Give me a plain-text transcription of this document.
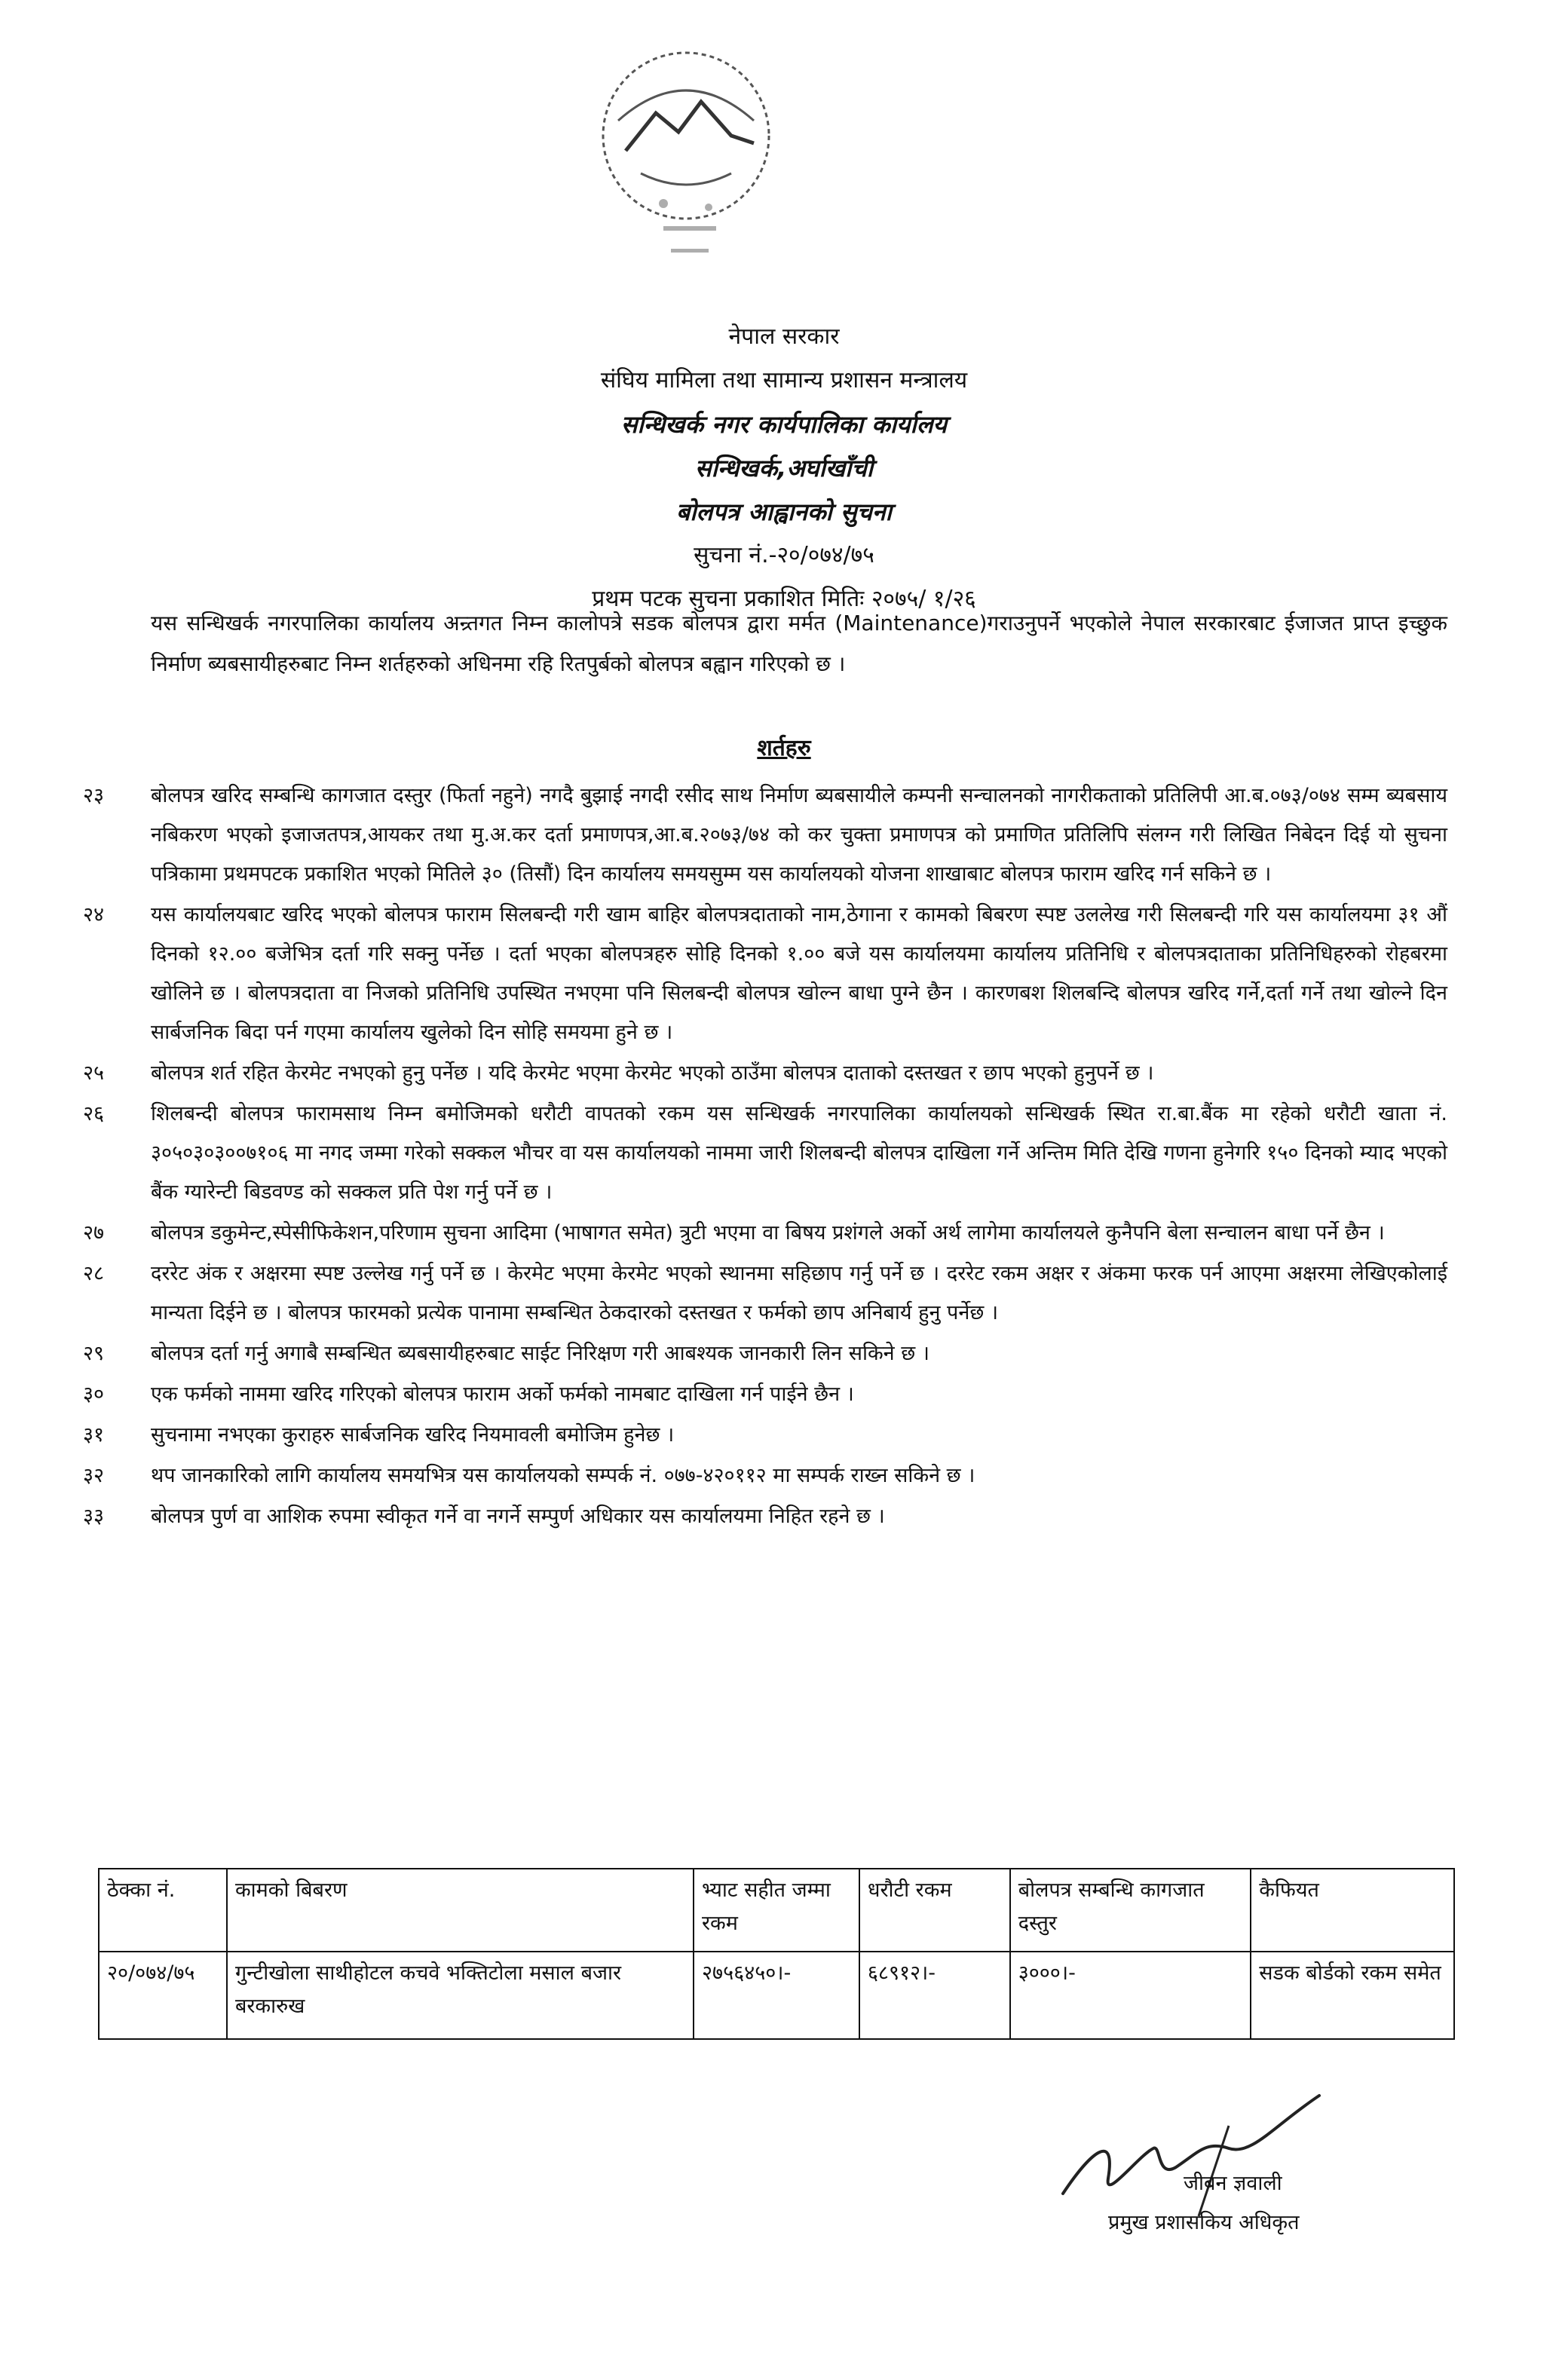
नेपाल सरकार
संघिय मामिला तथा सामान्य प्रशासन मन्त्रालय
सन्धिखर्क नगर कार्यपालिका कार्यालय
सन्धिखर्क,अर्घाखाँची
बोलपत्र आह्वानको सुचना
सुचना नं.-२०/०७४/७५
प्रथम पटक सुचना प्रकाशित मितिः २०७५/ १/२६
यस सन्धिखर्क नगरपालिका कार्यालय अन्र्तगत निम्न कालोपत्रे सडक बोलपत्र द्वारा मर्मत (Maintenance)गराउनुपर्ने भएकोले नेपाल सरकारबाट ईजाजत प्राप्त इच्छुक निर्माण ब्यबसायीहरुबाट निम्न शर्तहरुको अधिनमा रहि रितपुर्बको बोलपत्र बह्वान गरिएको छ ।
शर्तहरु
२३	बोलपत्र खरिद सम्बन्धि कागजात दस्तुर (फिर्ता नहुने) नगदै बुझाई नगदी रसीद साथ निर्माण ब्यबसायीले कम्पनी सन्चालनको नागरीकताको प्रतिलिपी आ.ब.०७३/०७४ सम्म ब्यबसाय नबिकरण भएको इजाजतपत्र,आयकर तथा मु.अ.कर दर्ता प्रमाणपत्र,आ.ब.२०७३/७४ को कर चुक्ता प्रमाणपत्र को प्रमाणित प्रतिलिपि संलग्न गरी लिखित निबेदन दिई यो सुचना पत्रिकामा प्रथमपटक प्रकाशित भएको मितिले ३० (तिसौं) दिन कार्यालय समयसुम्म यस कार्यालयको योजना शाखाबाट बोलपत्र फाराम खरिद गर्न सकिने छ ।
२४	यस कार्यालयबाट खरिद भएको बोलपत्र फाराम सिलबन्दी गरी खाम बाहिर बोलपत्रदाताको नाम,ठेगाना र कामको बिबरण स्पष्ट उललेख गरी सिलबन्दी गरि यस कार्यालयमा ३१ औं दिनको १२.०० बजेभित्र दर्ता गरि सक्नु पर्नेछ । दर्ता भएका बोलपत्रहरु सोहि दिनको १.०० बजे यस कार्यालयमा कार्यालय प्रतिनिधि र बोलपत्रदाताका प्रतिनिधिहरुको रोहबरमा खोलिने छ । बोलपत्रदाता वा निजको प्रतिनिधि उपस्थित नभएमा पनि सिलबन्दी बोलपत्र खोल्न बाधा पुग्ने छैन । कारणबश शिलबन्दि बोलपत्र खरिद गर्ने,दर्ता गर्ने तथा खोल्ने दिन सार्बजनिक बिदा पर्न गएमा कार्यालय खुलेको दिन सोहि समयमा हुने छ ।
२५	बोलपत्र शर्त रहित केरमेट नभएको हुनु पर्नेछ । यदि केरमेट भएमा केरमेट भएको ठाउँमा बोलपत्र दाताको दस्तखत र छाप भएको हुनुपर्ने छ ।
२६	शिलबन्दी बोलपत्र फारामसाथ निम्न बमोजिमको धरौटी वापतको रकम यस सन्धिखर्क नगरपालिका कार्यालयको सन्धिखर्क स्थित रा.बा.बैंक मा रहेको धरौटी खाता नं. ३०५०३०३००७१०६ मा नगद जम्मा गरेको सक्कल भौचर वा यस कार्यालयको नाममा जारी शिलबन्दी बोलपत्र दाखिला गर्ने अन्तिम मिति देखि गणना हुनेगरि १५० दिनको म्याद भएको बैंक ग्यारेन्टी बिडवण्ड को सक्कल प्रति पेश गर्नु पर्ने छ ।
२७	बोलपत्र डकुमेन्ट,स्पेसीफिकेशन,परिणाम सुचना आदिमा (भाषागत समेत) त्रुटी भएमा वा बिषय प्रशंगले अर्को अर्थ लागेमा कार्यालयले कुनैपनि बेला सन्चालन बाधा पर्ने छैन ।
२८	दररेट अंक र अक्षरमा स्पष्ट उल्लेख गर्नु पर्ने छ । केरमेट भएमा केरमेट भएको स्थानमा सहिछाप गर्नु पर्ने छ । दररेट रकम अक्षर र अंकमा फरक पर्न आएमा अक्षरमा लेखिएकोलाई मान्यता दिईने छ । बोलपत्र फारमको प्रत्येक पानामा सम्बन्धित ठेकदारको दस्तखत र फर्मको छाप अनिबार्य हुनु पर्नेछ ।
२९	बोलपत्र दर्ता गर्नु अगाबै सम्बन्धित ब्यबसायीहरुबाट साईट निरिक्षण गरी आबश्यक जानकारी लिन सकिने छ ।
३०	एक फर्मको नाममा खरिद गरिएको बोलपत्र फाराम अर्को फर्मको नामबाट दाखिला गर्न पाईने छैन ।
३१	सुचनामा नभएका कुराहरु सार्बजनिक खरिद नियमावली बमोजिम हुनेछ ।
३२	थप जानकारिको लागि कार्यालय समयभित्र यस कार्यालयको सम्पर्क नं. ०७७-४२०११२ मा सम्पर्क राख्न सकिने छ ।
३३	बोलपत्र पुर्ण वा आशिक रुपमा स्वीकृत गर्ने वा नगर्ने सम्पुर्ण अधिकार यस कार्यालयमा निहित रहने छ ।
ठेक्का नं.	कामको बिबरण	भ्याट सहीत जम्मा रकम	धरौटी रकम	बोलपत्र सम्बन्धि कागजात दस्तुर	कैफियत
२०/०७४/७५	गुन्टीखोला साथीहोटल कचवे भक्तिटोला मसाल बजार बरकारुख	२७५६४५०।-	६८९१२।-	३०००।-	सडक बोर्डको रकम समेत
जीबन ज्ञवाली
प्रमुख प्रशासकिय अधिकृत
